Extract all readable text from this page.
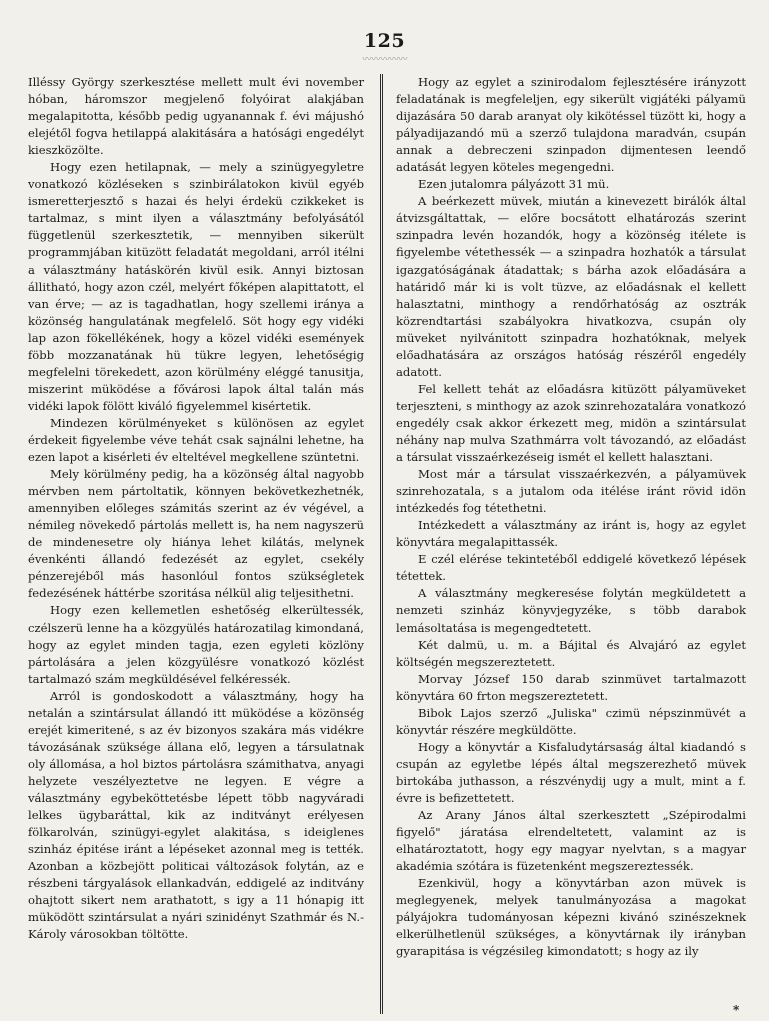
125
〰〰〰〰〰

Illéssy György szerkesztése mellett mult évi november hóban, háromszor megjelenő folyóirat alakjában megalapitotta, később pedig ugyanannak f. évi májushó elejétől fogva hetilappá alakitására a hatósági engedélyt kieszközölte.

Hogy ezen hetilapnak, — mely a szinügyegyletre vonatkozó közléseken s szinbirálatokon kivül egyéb ismeretterjesztő s hazai és helyi érdekü czikkeket is tartalmaz, s mint ilyen a választmány befolyásától függetlenül szerkesztetik, — mennyiben sikerült programmjában kitüzött feladatát megoldani, arról itélni a választmány hatáskörén kivül esik. Annyi biztosan állitható, hogy azon czél, melyért főképen alapittatott, el van érve; — az is tagadhatlan, hogy szellemi iránya a közönség hangulatának megfelelő. Söt hogy egy vidéki lap azon fökellékének, hogy a közel vidéki események föbb mozzanatának hü tükre legyen, lehetőségig megfelelni törekedett, azon körülmény eléggé tanusitja, miszerint müködése a fővárosi lapok által talán más vidéki lapok fölött kiváló figyelemmel kisértetik.

Mindezen körülményeket s különösen az egylet érdekeit figyelembe véve tehát csak sajnálni lehetne, ha ezen lapot a kisérleti év elteltével megkellene szüntetni.

Mely körülmény pedig, ha a közönség által nagyobb mérvben nem pártoltatik, könnyen bekövetkezhetnék, amennyiben előleges számitás szerint az év végével, a némileg növekedő pártolás mellett is, ha nem nagyszerü de mindenesetre oly hiánya lehet kilátás, melynek évenkénti állandó fedezését az egylet, csekély pénzerejéből más hasonlóul fontos szükségletek fedezésének háttérbe szoritása nélkül alig teljesithetni.

Hogy ezen kellemetlen eshetőség elkerültessék, czélszerü lenne ha a közgyülés határozatilag kimondaná, hogy az egylet minden tagja, ezen egyleti közlöny pártolására a jelen közgyülésre vonatkozó közlést tartalmazó szám megküldésével felkéressék.

Arról is gondoskodott a választmány, hogy ha netalán a szintársulat állandó itt müködése a közönség erejét kimeritené, s az év bizonyos szakára más vidékre távozásának szüksége állana elő, legyen a társulatnak oly állomása, a hol biztos pártolásra számithatva, anyagi helyzete veszélyeztetve ne legyen. E végre a választmány egybeköttetésbe lépett több nagyváradi lelkes ügybaráttal, kik az inditványt erélyesen fölkarolván, szinügyi-egylet alakitása, s ideiglenes szinház épitése iránt a lépéseket azonnal meg is tették. Azonban a közbejött politicai változások folytán, az e részbeni tárgyalások ellankadván, eddigelé az inditvány ohajtott sikert nem arathatott, s igy a 11 hónapig itt müködött szintársulat a nyári szinidényt Szathmár és N.-Károly városokban töltötte.

Hogy az egylet a szinirodalom fejlesztésére irányzott feladatának is megfeleljen, egy sikerült vigjátéki pályamü dijazására 50 darab aranyat oly kikötéssel tüzött ki, hogy a pályadijazandó mü a szerző tulajdona maradván, csupán annak a debreczeni szinpadon dijmentesen leendő adatását legyen köteles megengedni.

Ezen jutalomra pályázott 31 mü.

A beérkezett müvek, miután a kinevezett birálók által átvizsgáltattak, — előre bocsátott elhatározás szerint szinpadra levén hozandók, hogy a közönség itélete is figyelembe vétethessék — a szinpadra hozhatók a társulat igazgatóságának átadattak; s bárha azok előadására a határidő már ki is volt tüzve, az előadásnak el kellett halasztatni, minthogy a rendőrhatóság az osztrák közrendtartási szabályokra hivatkozva, csupán oly müveket nyilvánitott szinpadra hozhatóknak, melyek előadhatására az országos hatóság részéről engedély adatott.

Fel kellett tehát az előadásra kitüzött pályamüveket terjeszteni, s minthogy az azok szinrehozatalára vonatkozó engedély csak akkor érkezett meg, midön a szintársulat néhány nap mulva Szathmárra volt távozandó, az előadást a társulat visszaérkezéseig ismét el kellett halasztani.

Most már a társulat visszaérkezvén, a pályamüvek szinrehozatala, s a jutalom oda itélése iránt rövid idön intézkedés fog tétethetni.

Intézkedett a választmány az iránt is, hogy az egylet könyvtára megalapittassék.

E czél elérése tekintetéből eddigelé következő lépések tétettek.

A választmány megkeresése folytán megküldetett a nemzeti szinház könyvjegyzéke, s több darabok lemásoltatása is megengedtetett.

Két dalmü, u. m. a Bájital és Alvajáró az egylet költségén megszereztetett.

Morvay József 150 darab szinmüvet tartalmazott könyvtára 60 frton megszereztetett.

Bibok Lajos szerző „Juliska" czimü népszinmüvét a könyvtár részére megküldötte.

Hogy a könyvtár a Kisfaludytársaság által kiadandó s csupán az egyletbe lépés által megszerezhető müvek birtokába juthasson, a részvénydij ugy a mult, mint a f. évre is befizettetett.

Az Arany János által szerkesztett „Szépirodalmi figyelő" járatása elrendeltetett, valamint az is elhatároztatott, hogy egy magyar nyelvtan, s a magyar akadémia szótára is füzetenként megszereztessék.

Ezenkivül, hogy a könyvtárban azon müvek is meglegyenek, melyek tanulmányozása a magokat pályájokra tudományosan képezni kivánó szinészeknek elkerülhetlenül szükséges, a könyvtárnak ily irányban gyarapitása is végzésileg kimondatott; s hogy az ily

*
